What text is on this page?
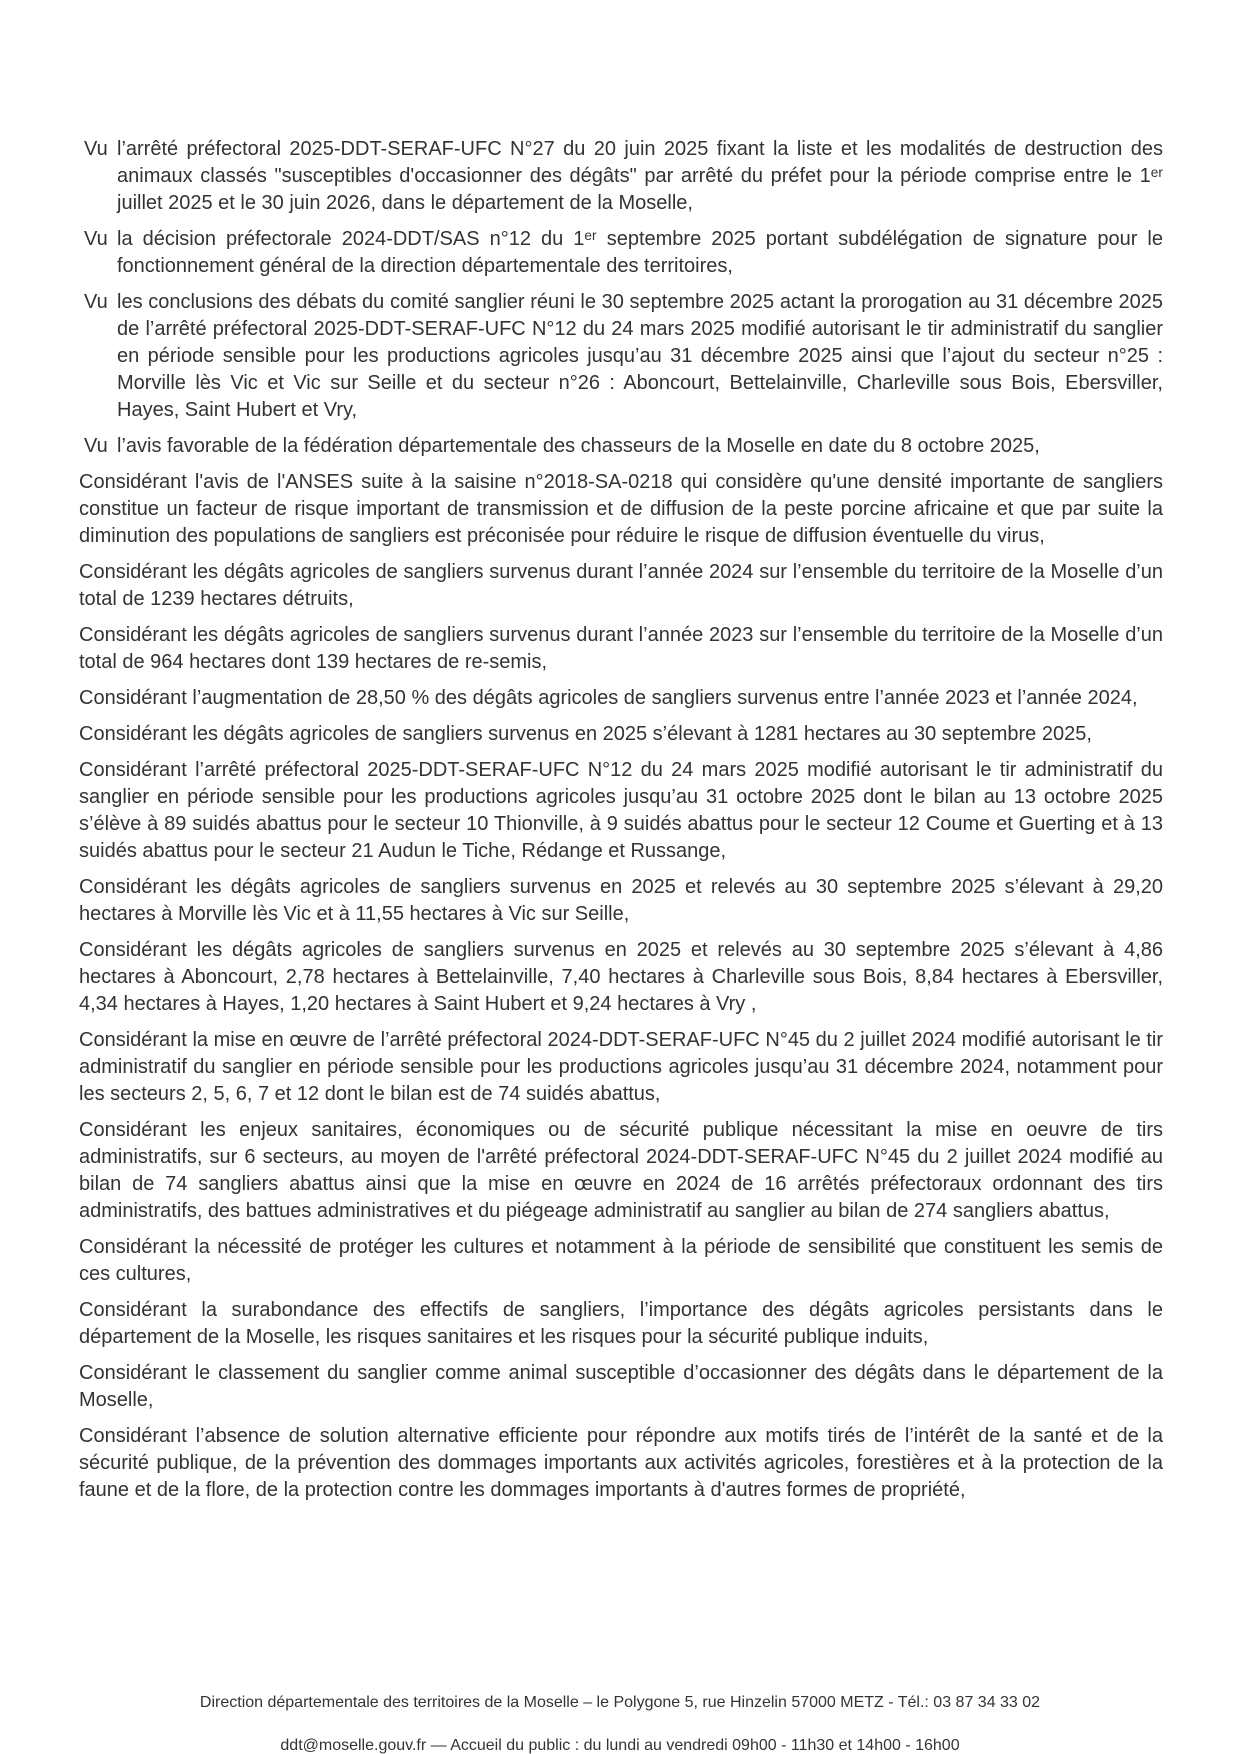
Vu l’arrêté préfectoral 2025-DDT-SERAF-UFC N°27 du 20 juin 2025 fixant la liste et les modalités de destruction des animaux classés "susceptibles d'occasionner des dégâts" par arrêté du préfet pour la période comprise entre le 1ᵉʳ juillet 2025 et le 30 juin 2026, dans le département de la Moselle,

Vu la décision préfectorale 2024-DDT/SAS n°12 du 1ᵉʳ septembre 2025 portant subdélégation de signature pour le fonctionnement général de la direction départementale des territoires,

Vu les conclusions des débats du comité sanglier réuni le 30 septembre 2025 actant la prorogation au 31 décembre 2025 de l’arrêté préfectoral 2025-DDT-SERAF-UFC N°12 du 24 mars 2025 modifié autorisant le tir administratif du sanglier en période sensible pour les productions agricoles jusqu’au 31 décembre 2025 ainsi que l’ajout du secteur n°25 : Morville lès Vic et Vic sur Seille et du secteur n°26 : Aboncourt, Bettelainville, Charleville sous Bois, Ebersviller, Hayes, Saint Hubert et Vry,

Vu l’avis favorable de la fédération départementale des chasseurs de la Moselle en date du 8 octobre 2025,

Considérant l'avis de l'ANSES suite à la saisine n°2018-SA-0218 qui considère qu'une densité importante de sangliers constitue un facteur de risque important de transmission et de diffusion de la peste porcine africaine et que par suite la diminution des populations de sangliers est préconisée pour réduire le risque de diffusion éventuelle du virus,

Considérant les dégâts agricoles de sangliers survenus durant l’année 2024 sur l’ensemble du territoire de la Moselle d’un total de 1239 hectares détruits,

Considérant les dégâts agricoles de sangliers survenus durant l’année 2023 sur l’ensemble du territoire de la Moselle d’un total de 964 hectares dont 139 hectares de re-semis,

Considérant l’augmentation de 28,50 % des dégâts agricoles de sangliers survenus entre l’année 2023 et l’année 2024,

Considérant les dégâts agricoles de sangliers survenus en 2025 s’élevant à 1281 hectares au 30 septembre 2025,

Considérant l’arrêté préfectoral 2025-DDT-SERAF-UFC N°12 du 24 mars 2025 modifié autorisant le tir administratif du sanglier en période sensible pour les productions agricoles jusqu’au 31 octobre 2025 dont le bilan au 13 octobre 2025 s’élève à 89 suidés abattus pour le secteur 10 Thionville, à 9 suidés abattus pour le secteur 12 Coume et Guerting et à 13 suidés abattus pour le secteur 21 Audun le Tiche, Rédange et Russange,

Considérant les dégâts agricoles de sangliers survenus en 2025 et relevés au 30 septembre 2025 s’élevant à 29,20 hectares à Morville lès Vic et à 11,55 hectares à Vic sur Seille,

Considérant les dégâts agricoles de sangliers survenus en 2025 et relevés au 30 septembre 2025 s’élevant à 4,86 hectares à Aboncourt, 2,78 hectares à Bettelainville, 7,40 hectares à Charleville sous Bois, 8,84 hectares à Ebersviller, 4,34 hectares à Hayes, 1,20 hectares à Saint Hubert et 9,24 hectares à Vry ,

Considérant la mise en œuvre de l’arrêté préfectoral 2024-DDT-SERAF-UFC N°45 du 2 juillet 2024 modifié autorisant le tir administratif du sanglier en période sensible pour les productions agricoles jusqu’au 31 décembre 2024, notamment pour les secteurs 2, 5, 6, 7 et 12 dont le bilan est de 74 suidés abattus,

Considérant les enjeux sanitaires, économiques ou de sécurité publique nécessitant la mise en oeuvre de tirs administratifs, sur 6 secteurs, au moyen de l'arrêté préfectoral 2024-DDT-SERAF-UFC N°45 du 2 juillet 2024 modifié au bilan de 74 sangliers abattus ainsi que la mise en œuvre en 2024 de 16 arrêtés préfectoraux ordonnant des tirs administratifs, des battues administratives et du piégeage administratif au sanglier au bilan de 274 sangliers abattus,

Considérant la nécessité de protéger les cultures et notamment à la période de sensibilité que constituent les semis de ces cultures,

Considérant la surabondance des effectifs de sangliers, l’importance des dégâts agricoles persistants dans le département de la Moselle, les risques sanitaires et les risques pour la sécurité publique induits,

Considérant le classement du sanglier comme animal susceptible d’occasionner des dégâts dans le département de la Moselle,

Considérant l’absence de solution alternative efficiente pour répondre aux motifs tirés de l’intérêt de la santé et de la sécurité publique, de la prévention des dommages importants aux activités agricoles, forestières et à la protection de la faune et de la flore, de la protection contre les dommages importants à d'autres formes de propriété,

Direction départementale des territoires de la Moselle – le Polygone 5, rue Hinzelin 57000 METZ - Tél.: 03 87 34 33 02
ddt@moselle.gouv.fr — Accueil du public : du lundi au vendredi 09h00 - 11h30 et 14h00 - 16h00
